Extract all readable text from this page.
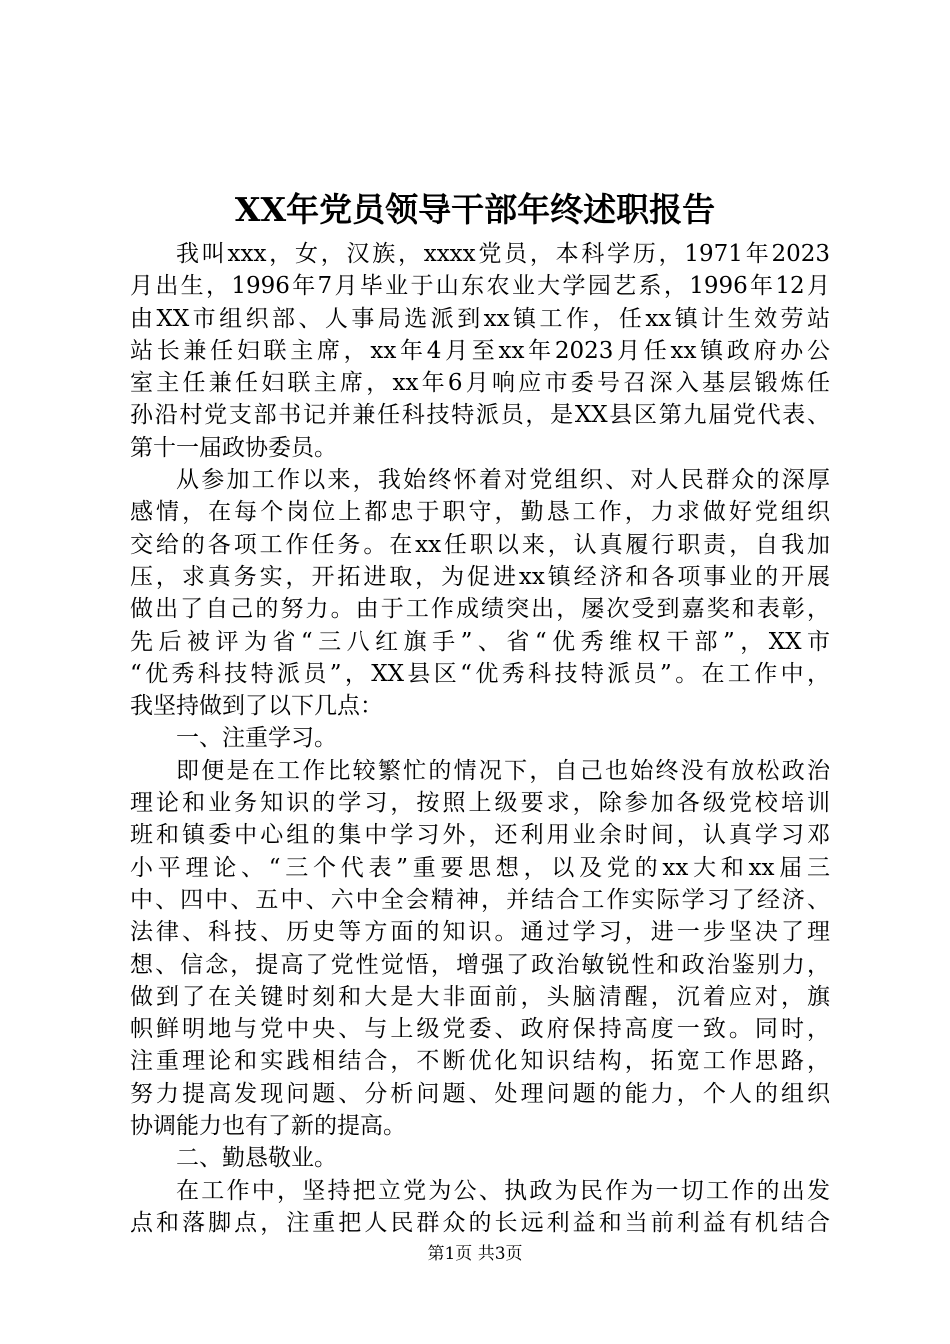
XX年党员领导干部年终述职报告
我叫xxx，女，汉族，xxxx党员，本科学历，1971年2023
月出生，1996年7月毕业于山东农业大学园艺系，1996年12月
由XX市组织部、人事局选派到xx镇工作，任xx镇计生效劳站
站长兼任妇联主席，xx年4月至xx年2023月任xx镇政府办公
室主任兼任妇联主席，xx年6月响应市委号召深入基层锻炼任
孙沿村党支部书记并兼任科技特派员，是XX县区第九届党代表、
第十一届政协委员。
从参加工作以来，我始终怀着对党组织、对人民群众的深厚
感情，在每个岗位上都忠于职守，勤恳工作，力求做好党组织
交给的各项工作任务。在xx任职以来，认真履行职责，自我加
压，求真务实，开拓进取，为促进xx镇经济和各项事业的开展
做出了自己的努力。由于工作成绩突出，屡次受到嘉奖和表彰，
先后被评为省“三八红旗手”、省“优秀维权干部”，XX市
“优秀科技特派员”，XX县区“优秀科技特派员”。在工作中，
我坚持做到了以下几点：
一、注重学习。
即便是在工作比较繁忙的情况下，自己也始终没有放松政治
理论和业务知识的学习，按照上级要求，除参加各级党校培训
班和镇委中心组的集中学习外，还利用业余时间，认真学习邓
小平理论、“三个代表”重要思想，以及党的xx大和xx届三
中、四中、五中、六中全会精神，并结合工作实际学习了经济、
法律、科技、历史等方面的知识。通过学习，进一步坚决了理
想、信念，提高了党性觉悟，增强了政治敏锐性和政治鉴别力，
做到了在关键时刻和大是大非面前，头脑清醒，沉着应对，旗
帜鲜明地与党中央、与上级党委、政府保持高度一致。同时，
注重理论和实践相结合，不断优化知识结构，拓宽工作思路，
努力提高发现问题、分析问题、处理问题的能力，个人的组织
协调能力也有了新的提高。
二、勤恳敬业。
在工作中，坚持把立党为公、执政为民作为一切工作的出发
点和落脚点，注重把人民群众的长远利益和当前利益有机结合
第1页 共3页
